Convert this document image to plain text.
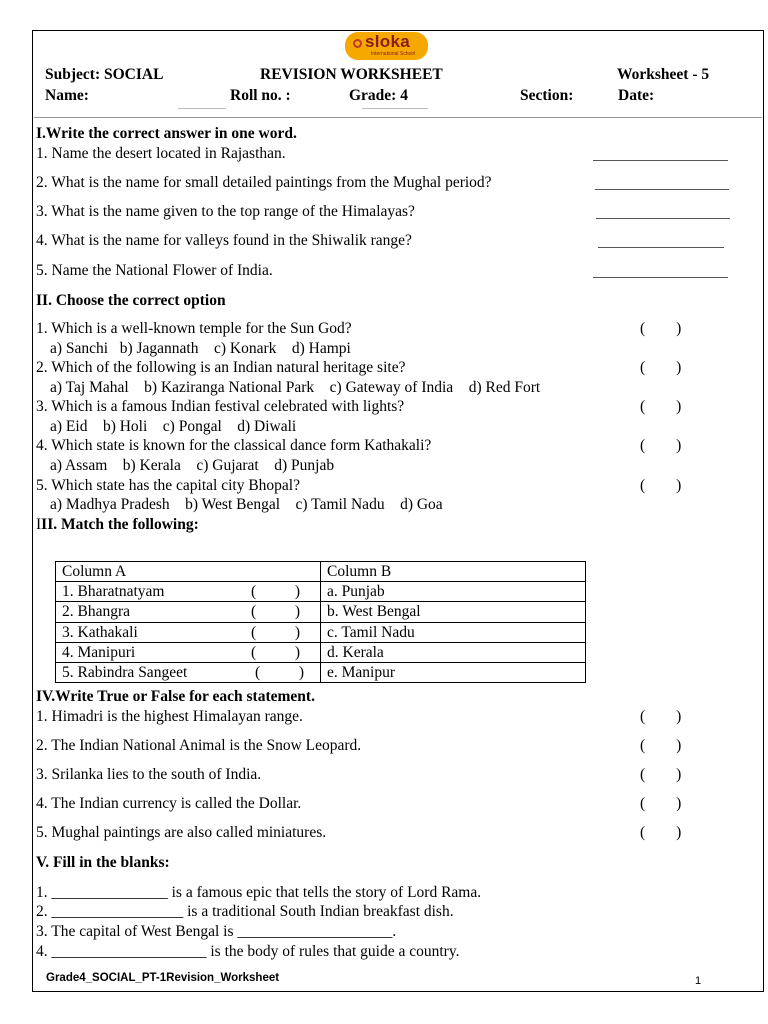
sloka
International School
Subject: SOCIAL	REVISION WORKSHEET	Worksheet - 5
Name:	Roll no. :	Grade: 4	Section:	Date:
I.Write the correct answer in one word.
1. Name the desert located in Rajasthan.
2. What is the name for small detailed paintings from the Mughal period?
3. What is the name given to the top range of the Himalayas?
4. What is the name for valleys found in the Shiwalik range?
5. Name the National Flower of India.
II. Choose the correct option
1. Which is a well-known temple for the Sun God?	(        )
a) Sanchi   b) Jagannath    c) Konark    d) Hampi
2. Which of the following is an Indian natural heritage site?	(        )
a) Taj Mahal    b) Kaziranga National Park    c) Gateway of India    d) Red Fort
3. Which is a famous Indian festival celebrated with lights?	(        )
a) Eid    b) Holi    c) Pongal    d) Diwali
4. Which state is known for the classical dance form Kathakali?	(        )
a) Assam    b) Kerala    c) Gujarat    d) Punjab
5. Which state has the capital city Bhopal?	(        )
a) Madhya Pradesh    b) West Bengal    c) Tamil Nadu    d) Goa
III. Match the following:
Column A	Column B
1. Bharatnatyam (          )	a. Punjab
2. Bhangra (          )	b. West Bengal
3. Kathakali (          )	c. Tamil Nadu
4. Manipuri (          )	d. Kerala
5. Rabindra Sangeet (          )	e. Manipur
IV.Write True or False for each statement.
1. Himadri is the highest Himalayan range.	(        )
2. The Indian National Animal is the Snow Leopard.	(        )
3. Srilanka lies to the south of India.	(        )
4. The Indian currency is called the Dollar.	(        )
5. Mughal paintings are also called miniatures.	(        )
V. Fill in the blanks:
1. _______________ is a famous epic that tells the story of Lord Rama.
2. _________________ is a traditional South Indian breakfast dish.
3. The capital of West Bengal is ____________________.
4. ____________________ is the body of rules that guide a country.
Grade4_SOCIAL_PT-1Revision_Worksheet	1
